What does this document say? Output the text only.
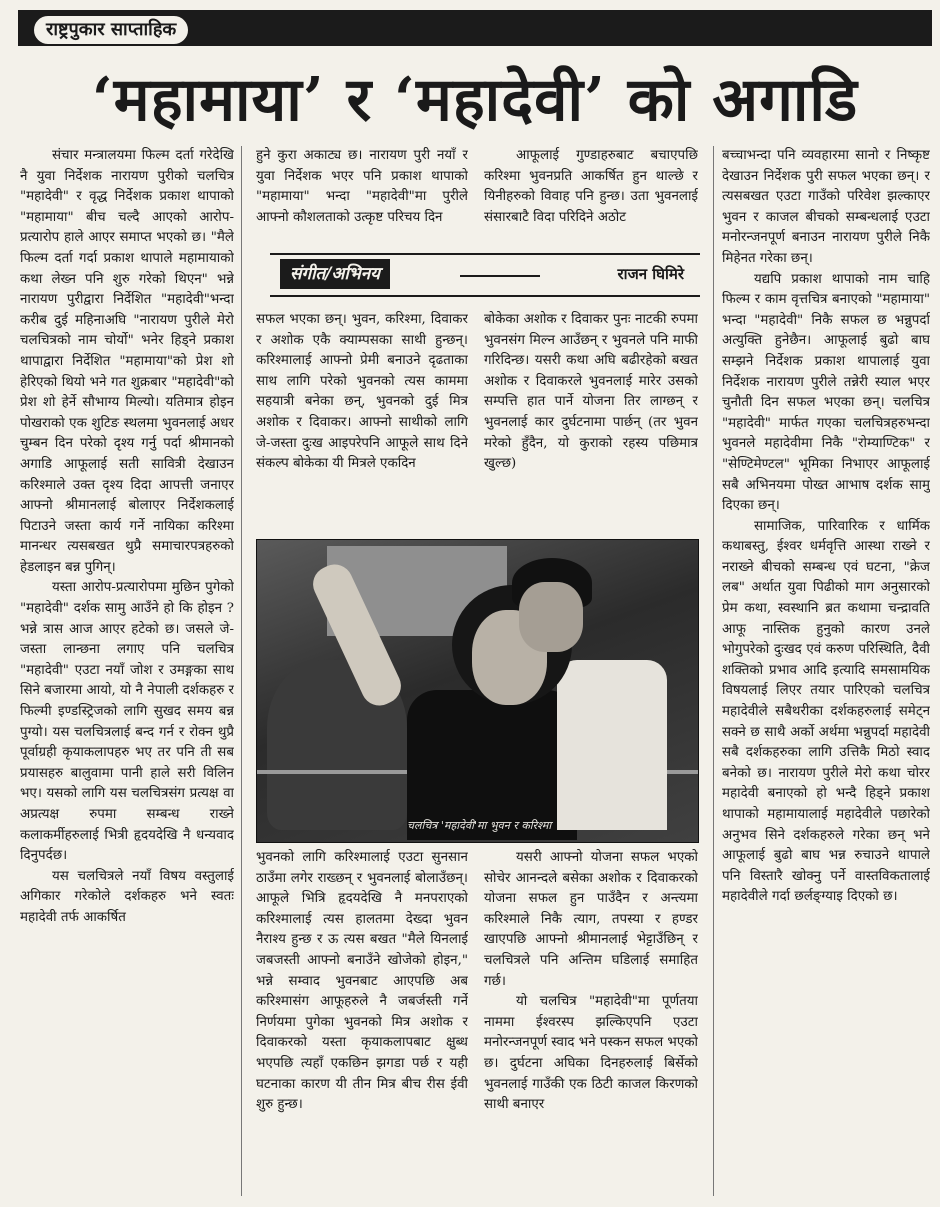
राष्ट्रपुकार साप्ताहिक
‘महामाया’ र ‘महादेवी’ को अगाडि

संचार मन्त्रालयमा फिल्म दर्ता गरेदेखि नै युवा निर्देशक नारायण पुरीको चलचित्र "महादेवी" र वृद्ध निर्देशक प्रकाश थापाको "महामाया" बीच चल्दै आएको आरोप-प्रत्यारोप हाले आएर समाप्त भएको छ। "मैले फिल्म दर्ता गर्दा प्रकाश थापाले महामायाको कथा लेख्न पनि शुरु गरेको थिएन" भन्ने नारायण पुरीद्वारा निर्देशित "महादेवी"भन्दा करीब दुई महिनाअघि "नारायण पुरीले मेरो चलचित्रको नाम चोर्यो" भनेर हिड्ने प्रकाश थापाद्वारा निर्देशित "महामाया"को प्रेश शो हेरिएको थियो भने गत शुक्रबार "महादेवी"को प्रेश शो हेर्ने सौभाग्य मिल्यो। यतिमात्र होइन पोखराको एक शुटिङ स्थलमा भुवनलाई अधर चुम्बन दिन परेको दृश्य गर्नु पर्दा श्रीमानको अगाडि आफूलाई सती सावित्री देखाउन करिश्माले उक्त दृश्य दिदा आपत्ती जनाएर आफ्नो श्रीमानलाई बोलाएर निर्देशकलाई पिटाउने जस्ता कार्य गर्ने नायिका करिश्मा मानन्धर त्यसबखत थुप्रै समाचारपत्रहरुको हेडलाइन बन्न पुगिन्।

यस्ता आरोप-प्रत्यारोपमा मुछिन पुगेको "महादेवी" दर्शक सामु आउँने हो कि होइन ? भन्ने त्रास आज आएर हटेको छ। जसले जे-जस्ता लान्छना लगाए पनि चलचित्र "महादेवी" एउटा नयाँ जोश र उमङ्गका साथ सिने बजारमा आयो, यो नै नेपाली दर्शकहरु र फिल्मी इण्डस्ट्रिजको लागि सुखद समय बन्न पुग्यो। यस चलचित्रलाई बन्द गर्न र रोक्न थुप्रै पूर्वाग्रही कृयाकलापहरु भए तर पनि ती सब प्रयासहरु बालुवामा पानी हाले सरी विलिन भए। यसको लागि यस चलचित्रसंग प्रत्यक्ष वा अप्रत्यक्ष रुपमा सम्बन्ध राख्ने कलाकर्मीहरुलाई भित्री हृदयदेखि नै धन्यवाद दिनुपर्दछ।

यस चलचित्रले नयाँ विषय वस्तुलाई अगिकार गरेकोले दर्शकहरु भने स्वतः महादेवी तर्फ आकर्षित

हुने कुरा अकाट्य छ। नारायण पुरी नयाँ र युवा निर्देशक भएर पनि प्रकाश थापाको "महामाया" भन्दा "महादेवी"मा पुरीले आफ्नो कौशलताको उत्कृष्ट परिचय दिन

आफूलाई गुण्डाहरुबाट बचाएपछि करिश्मा भुवनप्रति आकर्षित हुन थाल्छे र यिनीहरुको विवाह पनि हुन्छ। उता भुवनलाई संसारबाटै विदा परिदिने अठोट

संगीत/अभिनय	राजन घिमिरे

सफल भएका छन्। भुवन, करिश्मा, दिवाकर र अशोक एकै क्याम्पसका साथी हुन्छन्। करिश्मालाई आफ्नो प्रेमी बनाउने दृढताका साथ लागि परेको भुवनको त्यस काममा सहयात्री बनेका छन्, भुवनको दुई मित्र अशोक र दिवाकर। आफ्नो साथीको लागि जे-जस्ता दुःख आइपरेपनि आफूले साथ दिने संकल्प बोकेका यी मित्रले एकदिन

बोकेका अशोक र दिवाकर पुनः नाटकी रुपमा भुवनसंग मिल्न आउँछन् र भुवनले पनि माफी गरिदिन्छ। यसरी कथा अघि बढीरहेको बखत अशोक र दिवाकरले भुवनलाई मारेर उसको सम्पत्ति हात पार्ने योजना तिर लाग्छन् र भुवनलाई कार दुर्घटनामा पार्छन् (तर भुवन मरेको हुँदैन, यो कुराको रहस्य पछिमात्र खुल्छ)

चलचित्र 'महादेवी'मा भुवन र करिश्मा

भुवनको लागि करिश्मालाई एउटा सुनसान ठाउँमा लगेर राख्छन् र भुवनलाई बोलाउँछन्। आफूले भित्रि हृदयदेखि नै मनपराएको करिश्मालाई त्यस हालतमा देख्दा भुवन नैराश्य हुन्छ र ऊ त्यस बखत "मैले यिनलाई जबजस्ती आफ्नो बनाउँने खोजेको होइन," भन्ने सम्वाद भुवनबाट आएपछि अब करिश्मासंग आफूहरुले नै जबर्जस्ती गर्ने निर्णयमा पुगेका भुवनको मित्र अशोक र दिवाकरको यस्ता कृयाकलापबाट क्षुब्ध भएपछि त्यहाँ एकछिन झगडा पर्छ र यही घटनाका कारण यी तीन मित्र बीच रीस ईवी शुरु हुन्छ।

यसरी आफ्नो योजना सफल भएको सोचेर आनन्दले बसेका अशोक र दिवाकरको योजना सफल हुन पाउँदैन र अन्त्यमा करिश्माले निकै त्याग, तपस्या र हण्डर खाएपछि आफ्नो श्रीमानलाई भेट्टाउँछिन् र चलचित्रले पनि अन्तिम घडिलाई समाहित गर्छ।

यो चलचित्र "महादेवी"मा पूर्णतया नाममा ईश्वरस्प झल्किएपनि एउटा मनोरन्जनपूर्ण स्वाद भने पस्कन सफल भएको छ। दुर्घटना अघिका दिनहरुलाई बिर्सेको भुवनलाई गाउँकी एक ठिटी काजल किरणको साथी बनाएर

बच्चाभन्दा पनि व्यवहारमा सानो र निष्कृष्ट देखाउन निर्देशक पुरी सफल भएका छन्। र त्यसबखत एउटा गाउँको परिवेश झल्काएर भुवन र काजल बीचको सम्बन्धलाई एउटा मनोरन्जनपूर्ण बनाउन नारायण पुरीले निकै मिहेनत गरेका छन्।

यद्यपि प्रकाश थापाको नाम चाहि फिल्म र काम वृत्तचित्र बनाएको "महामाया" भन्दा "महादेवी" निकै सफल छ भन्नुपर्दा अत्युक्ति हुनेछैन। आफूलाई बुढो बाघ सम्झने निर्देशक प्रकाश थापालाई युवा निर्देशक नारायण पुरीले तन्नेरी स्याल भएर चुनौती दिन सफल भएका छन्। चलचित्र "महादेवी" मार्फत गएका चलचित्रहरुभन्दा भुवनले महादेवीमा निकै "रोम्याण्टिक" र "सेण्टिमेण्टल" भूमिका निभाएर आफूलाई सबै अभिनयमा पोख्त आभाष दर्शक सामु दिएका छन्।

सामाजिक, पारिवारिक र धार्मिक कथाबस्तु, ईश्वर धर्मवृत्ति आस्था राख्ने र नराख्ने बीचको सम्बन्ध एवं घटना, "क्रेज लब" अर्थात युवा पिढीको माग अनुसारको प्रेम कथा, स्वस्थानि ब्रत कथामा चन्द्रावति आफू नास्तिक हुनुको कारण उनले भोगुपरेको दुःखद एवं करुण परिस्थिति, दैवी शक्तिको प्रभाव आदि इत्यादि समसामयिक विषयलाई लिएर तयार पारिएको चलचित्र महादेवीले सबैथरीका दर्शकहरुलाई समेट्न सक्ने छ साथै अर्को अर्थमा भन्नुपर्दा महादेवी सबै दर्शकहरुका लागि उत्तिकै मिठो स्वाद बनेको छ। नारायण पुरीले मेरो कथा चोरर महादेवी बनाएको हो भन्दै हिड्ने प्रकाश थापाको महामायालाई महादेवीले पछारेको अनुभव सिने दर्शकहरुले गरेका छन् भने आफूलाई बुढो बाघ भन्न रुचाउने थापाले पनि विस्तारै खोक्नु पर्ने वास्तविकतालाई महादेवीले गर्दा छर्लङ्ग्याइ दिएको छ।
